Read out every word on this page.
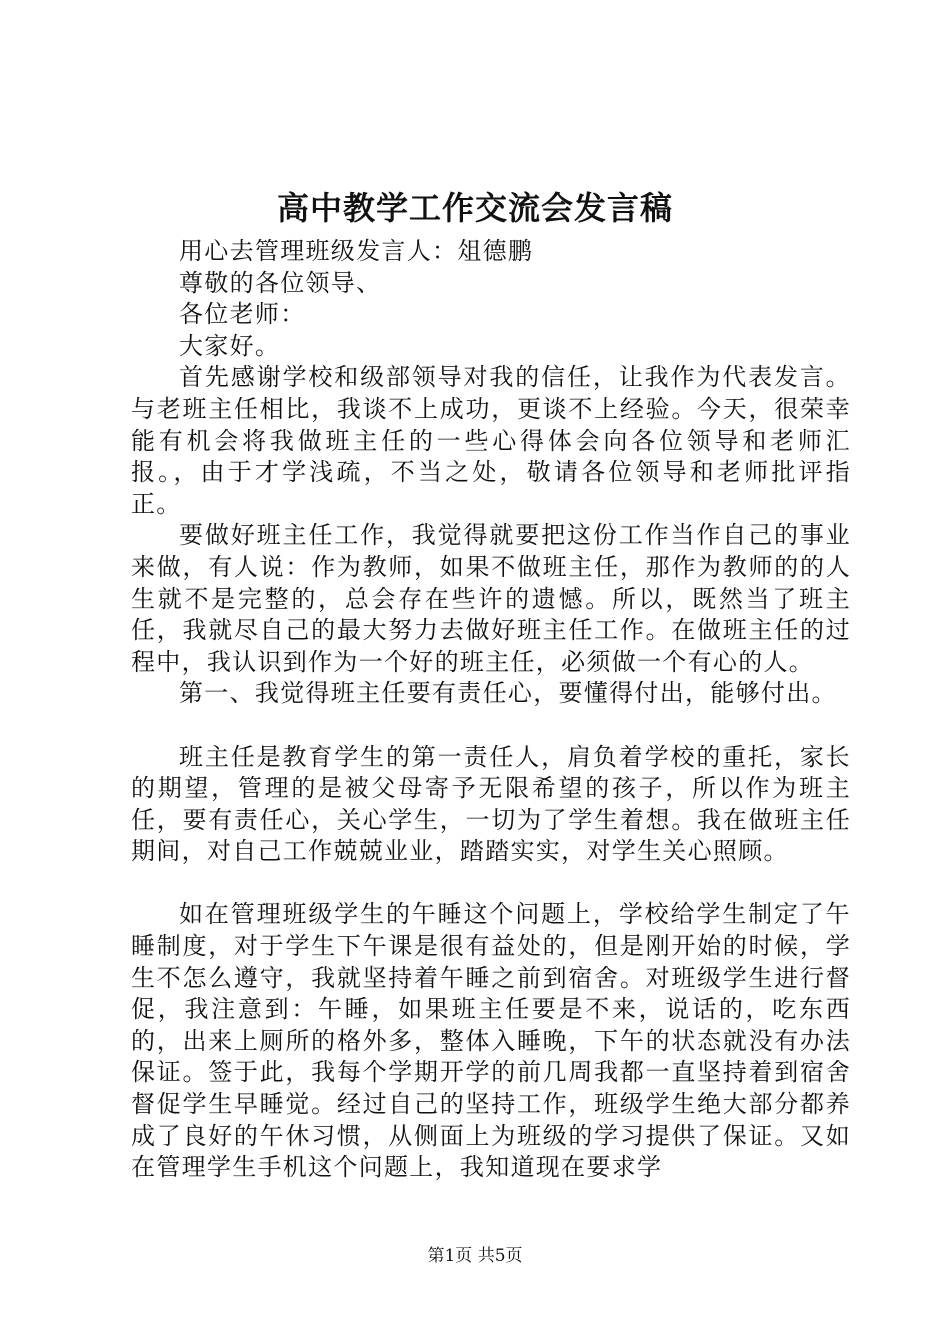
高中教学工作交流会发言稿

用心去管理班级发言人：俎德鹏

尊敬的各位领导、

各位老师：

大家好。

首先感谢学校和级部领导对我的信任，让我作为代表发言。与老班主任相比，我谈不上成功，更谈不上经验。今天，很荣幸能有机会将我做班主任的一些心得体会向各位领导和老师汇报。，由于才学浅疏，不当之处，敬请各位领导和老师批评指正。

要做好班主任工作，我觉得就要把这份工作当作自己的事业来做，有人说：作为教师，如果不做班主任，那作为教师的的人生就不是完整的，总会存在些许的遗憾。所以，既然当了班主任，我就尽自己的最大努力去做好班主任工作。在做班主任的过程中，我认识到作为一个好的班主任，必须做一个有心的人。

第一、我觉得班主任要有责任心，要懂得付出，能够付出。

班主任是教育学生的第一责任人，肩负着学校的重托，家长的期望，管理的是被父母寄予无限希望的孩子，所以作为班主任，要有责任心，关心学生，一切为了学生着想。我在做班主任期间，对自己工作兢兢业业，踏踏实实，对学生关心照顾。

如在管理班级学生的午睡这个问题上，学校给学生制定了午睡制度，对于学生下午课是很有益处的，但是刚开始的时候，学生不怎么遵守，我就坚持着午睡之前到宿舍。对班级学生进行督促，我注意到：午睡，如果班主任要是不来，说话的，吃东西的，出来上厕所的格外多，整体入睡晚，下午的状态就没有办法保证。签于此，我每个学期开学的前几周我都一直坚持着到宿舍督促学生早睡觉。经过自己的坚持工作，班级学生绝大部分都养成了良好的午休习惯，从侧面上为班级的学习提供了保证。又如在管理学生手机这个问题上，我知道现在要求学

第1页 共5页
